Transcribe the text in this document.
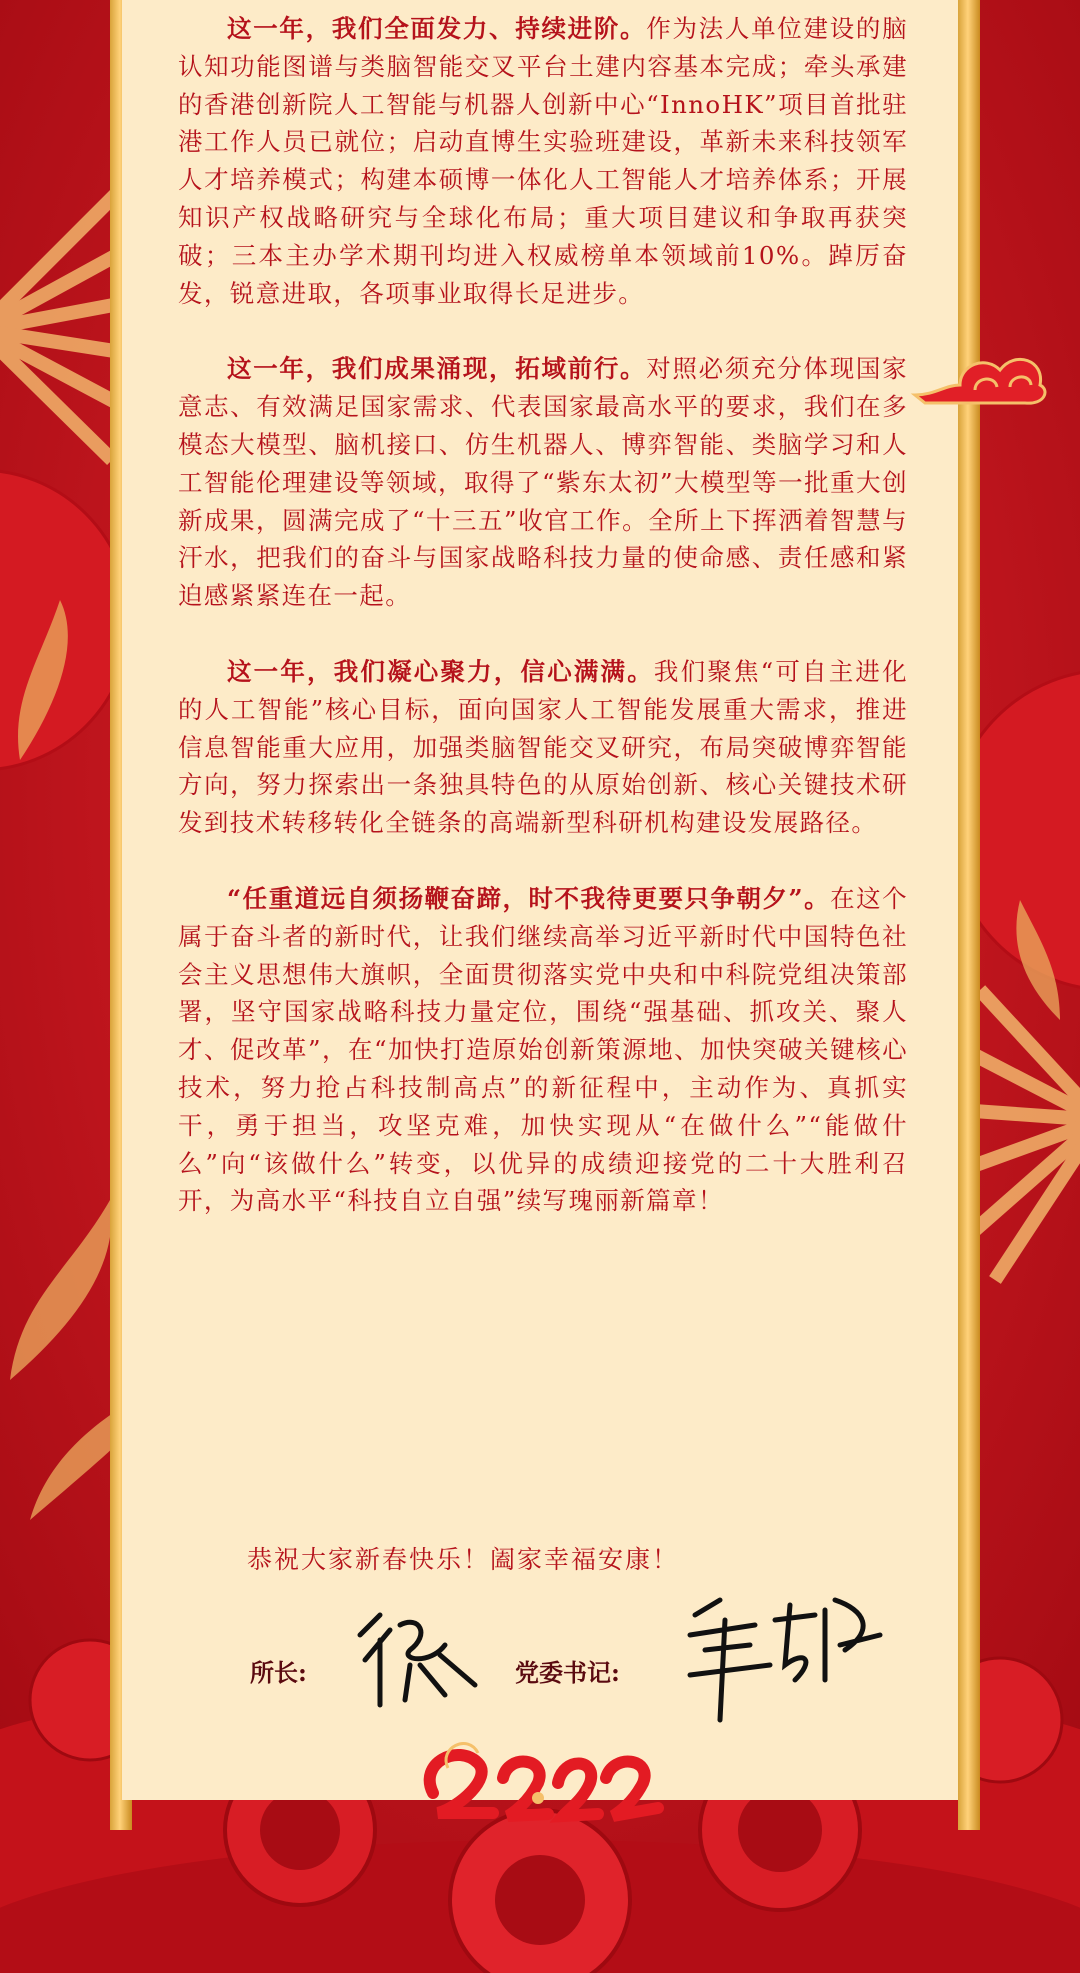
这一年，我们全面发力、持续进阶。作为法人单位建设的脑认知功能图谱与类脑智能交叉平台土建内容基本完成；牵头承建的香港创新院人工智能与机器人创新中心“InnoHK”项目首批驻港工作人员已就位；启动直博生实验班建设，革新未来科技领军人才培养模式；构建本硕博一体化人工智能人才培养体系；开展知识产权战略研究与全球化布局；重大项目建议和争取再获突破；三本主办学术期刊均进入权威榜单本领域前10%。踔厉奋发，锐意进取，各项事业取得长足进步。

这一年，我们成果涌现，拓域前行。对照必须充分体现国家意志、有效满足国家需求、代表国家最高水平的要求，我们在多模态大模型、脑机接口、仿生机器人、博弈智能、类脑学习和人工智能伦理建设等领域，取得了“紫东太初”大模型等一批重大创新成果，圆满完成了“十三五”收官工作。全所上下挥洒着智慧与汗水，把我们的奋斗与国家战略科技力量的使命感、责任感和紧迫感紧紧连在一起。

这一年，我们凝心聚力，信心满满。我们聚焦“可自主进化的人工智能”核心目标，面向国家人工智能发展重大需求，推进信息智能重大应用，加强类脑智能交叉研究，布局突破博弈智能方向，努力探索出一条独具特色的从原始创新、核心关键技术研发到技术转移转化全链条的高端新型科研机构建设发展路径。

“任重道远自须扬鞭奋蹄，时不我待更要只争朝夕”。在这个属于奋斗者的新时代，让我们继续高举习近平新时代中国特色社会主义思想伟大旗帜，全面贯彻落实党中央和中科院党组决策部署，坚守国家战略科技力量定位，围绕“强基础、抓攻关、聚人才、促改革”，在“加快打造原始创新策源地、加快突破关键核心技术，努力抢占科技制高点”的新征程中，主动作为、真抓实干，勇于担当，攻坚克难，加快实现从“在做什么”“能做什么”向“该做什么”转变，以优异的成绩迎接党的二十大胜利召开，为高水平“科技自立自强”续写瑰丽新篇章！

恭祝大家新春快乐！阖家幸福安康！
所长:	党委书记:
